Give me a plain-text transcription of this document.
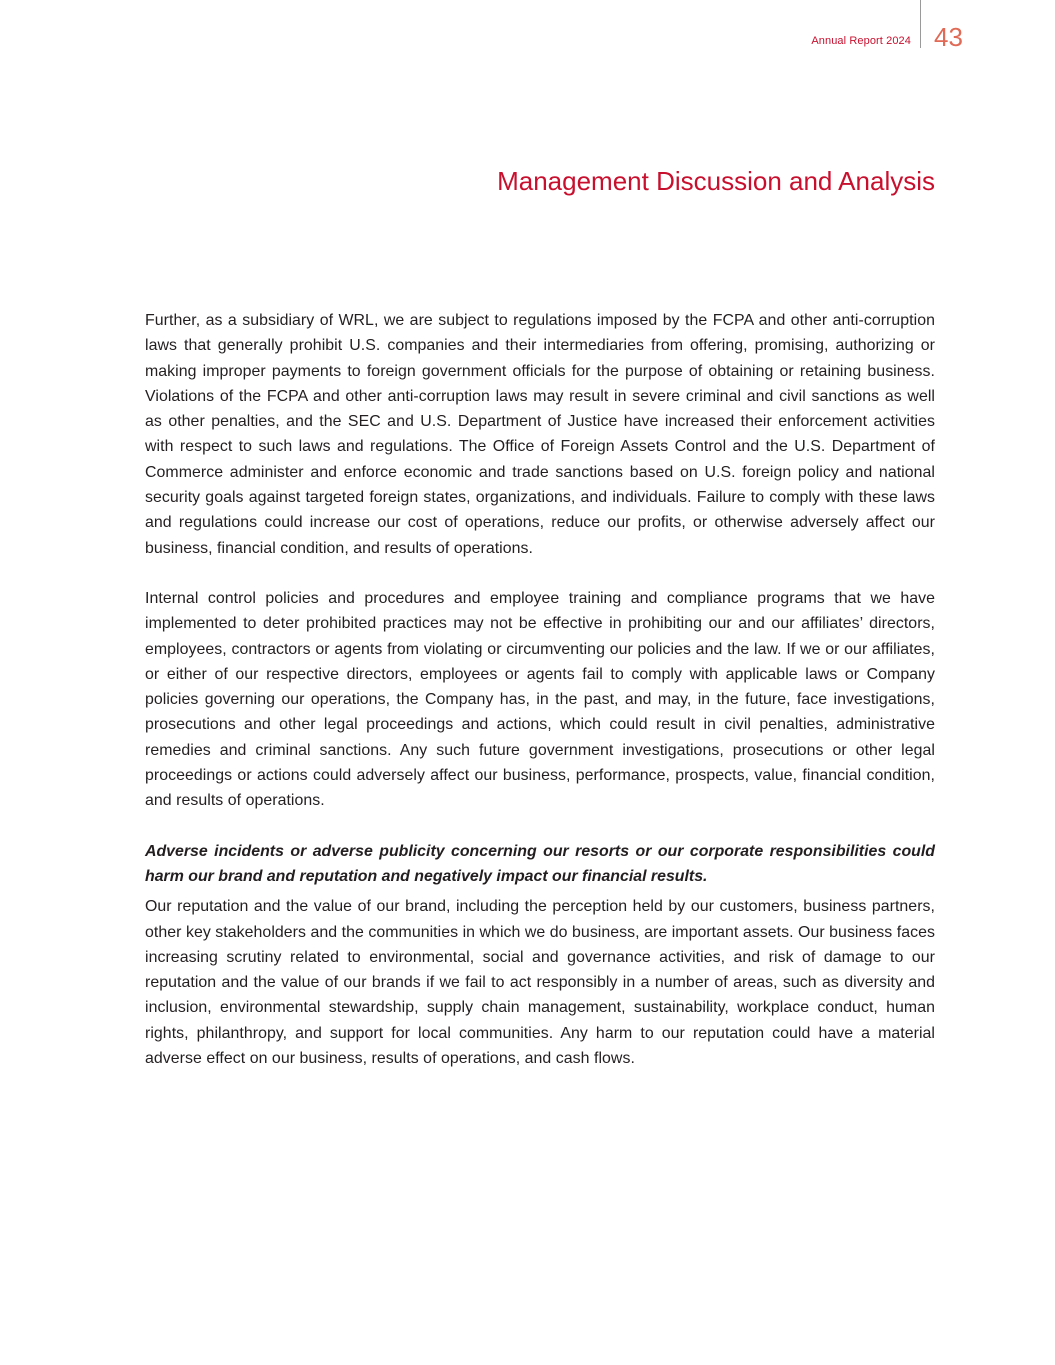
Annual Report 2024 43
Management Discussion and Analysis

Further, as a subsidiary of WRL, we are subject to regulations imposed by the FCPA and other anti-corruption laws that generally prohibit U.S. companies and their intermediaries from offering, promising, authorizing or making improper payments to foreign government officials for the purpose of obtaining or retaining business. Violations of the FCPA and other anti-corruption laws may result in severe criminal and civil sanctions as well as other penalties, and the SEC and U.S. Department of Justice have increased their enforcement activities with respect to such laws and regulations. The Office of Foreign Assets Control and the U.S. Department of Commerce administer and enforce economic and trade sanctions based on U.S. foreign policy and national security goals against targeted foreign states, organizations, and individuals. Failure to comply with these laws and regulations could increase our cost of operations, reduce our profits, or otherwise adversely affect our business, financial condition, and results of operations.

Internal control policies and procedures and employee training and compliance programs that we have implemented to deter prohibited practices may not be effective in prohibiting our and our affiliates’ directors, employees, contractors or agents from violating or circumventing our policies and the law. If we or our affiliates, or either of our respective directors, employees or agents fail to comply with applicable laws or Company policies governing our operations, the Company has, in the past, and may, in the future, face investigations, prosecutions and other legal proceedings and actions, which could result in civil penalties, administrative remedies and criminal sanctions. Any such future government investigations, prosecutions or other legal proceedings or actions could adversely affect our business, performance, prospects, value, financial condition, and results of operations.

Adverse incidents or adverse publicity concerning our resorts or our corporate responsibilities could harm our brand and reputation and negatively impact our financial results.

Our reputation and the value of our brand, including the perception held by our customers, business partners, other key stakeholders and the communities in which we do business, are important assets. Our business faces increasing scrutiny related to environmental, social and governance activities, and risk of damage to our reputation and the value of our brands if we fail to act responsibly in a number of areas, such as diversity and inclusion, environmental stewardship, supply chain management, sustainability, workplace conduct, human rights, philanthropy, and support for local communities. Any harm to our reputation could have a material adverse effect on our business, results of operations, and cash flows.
